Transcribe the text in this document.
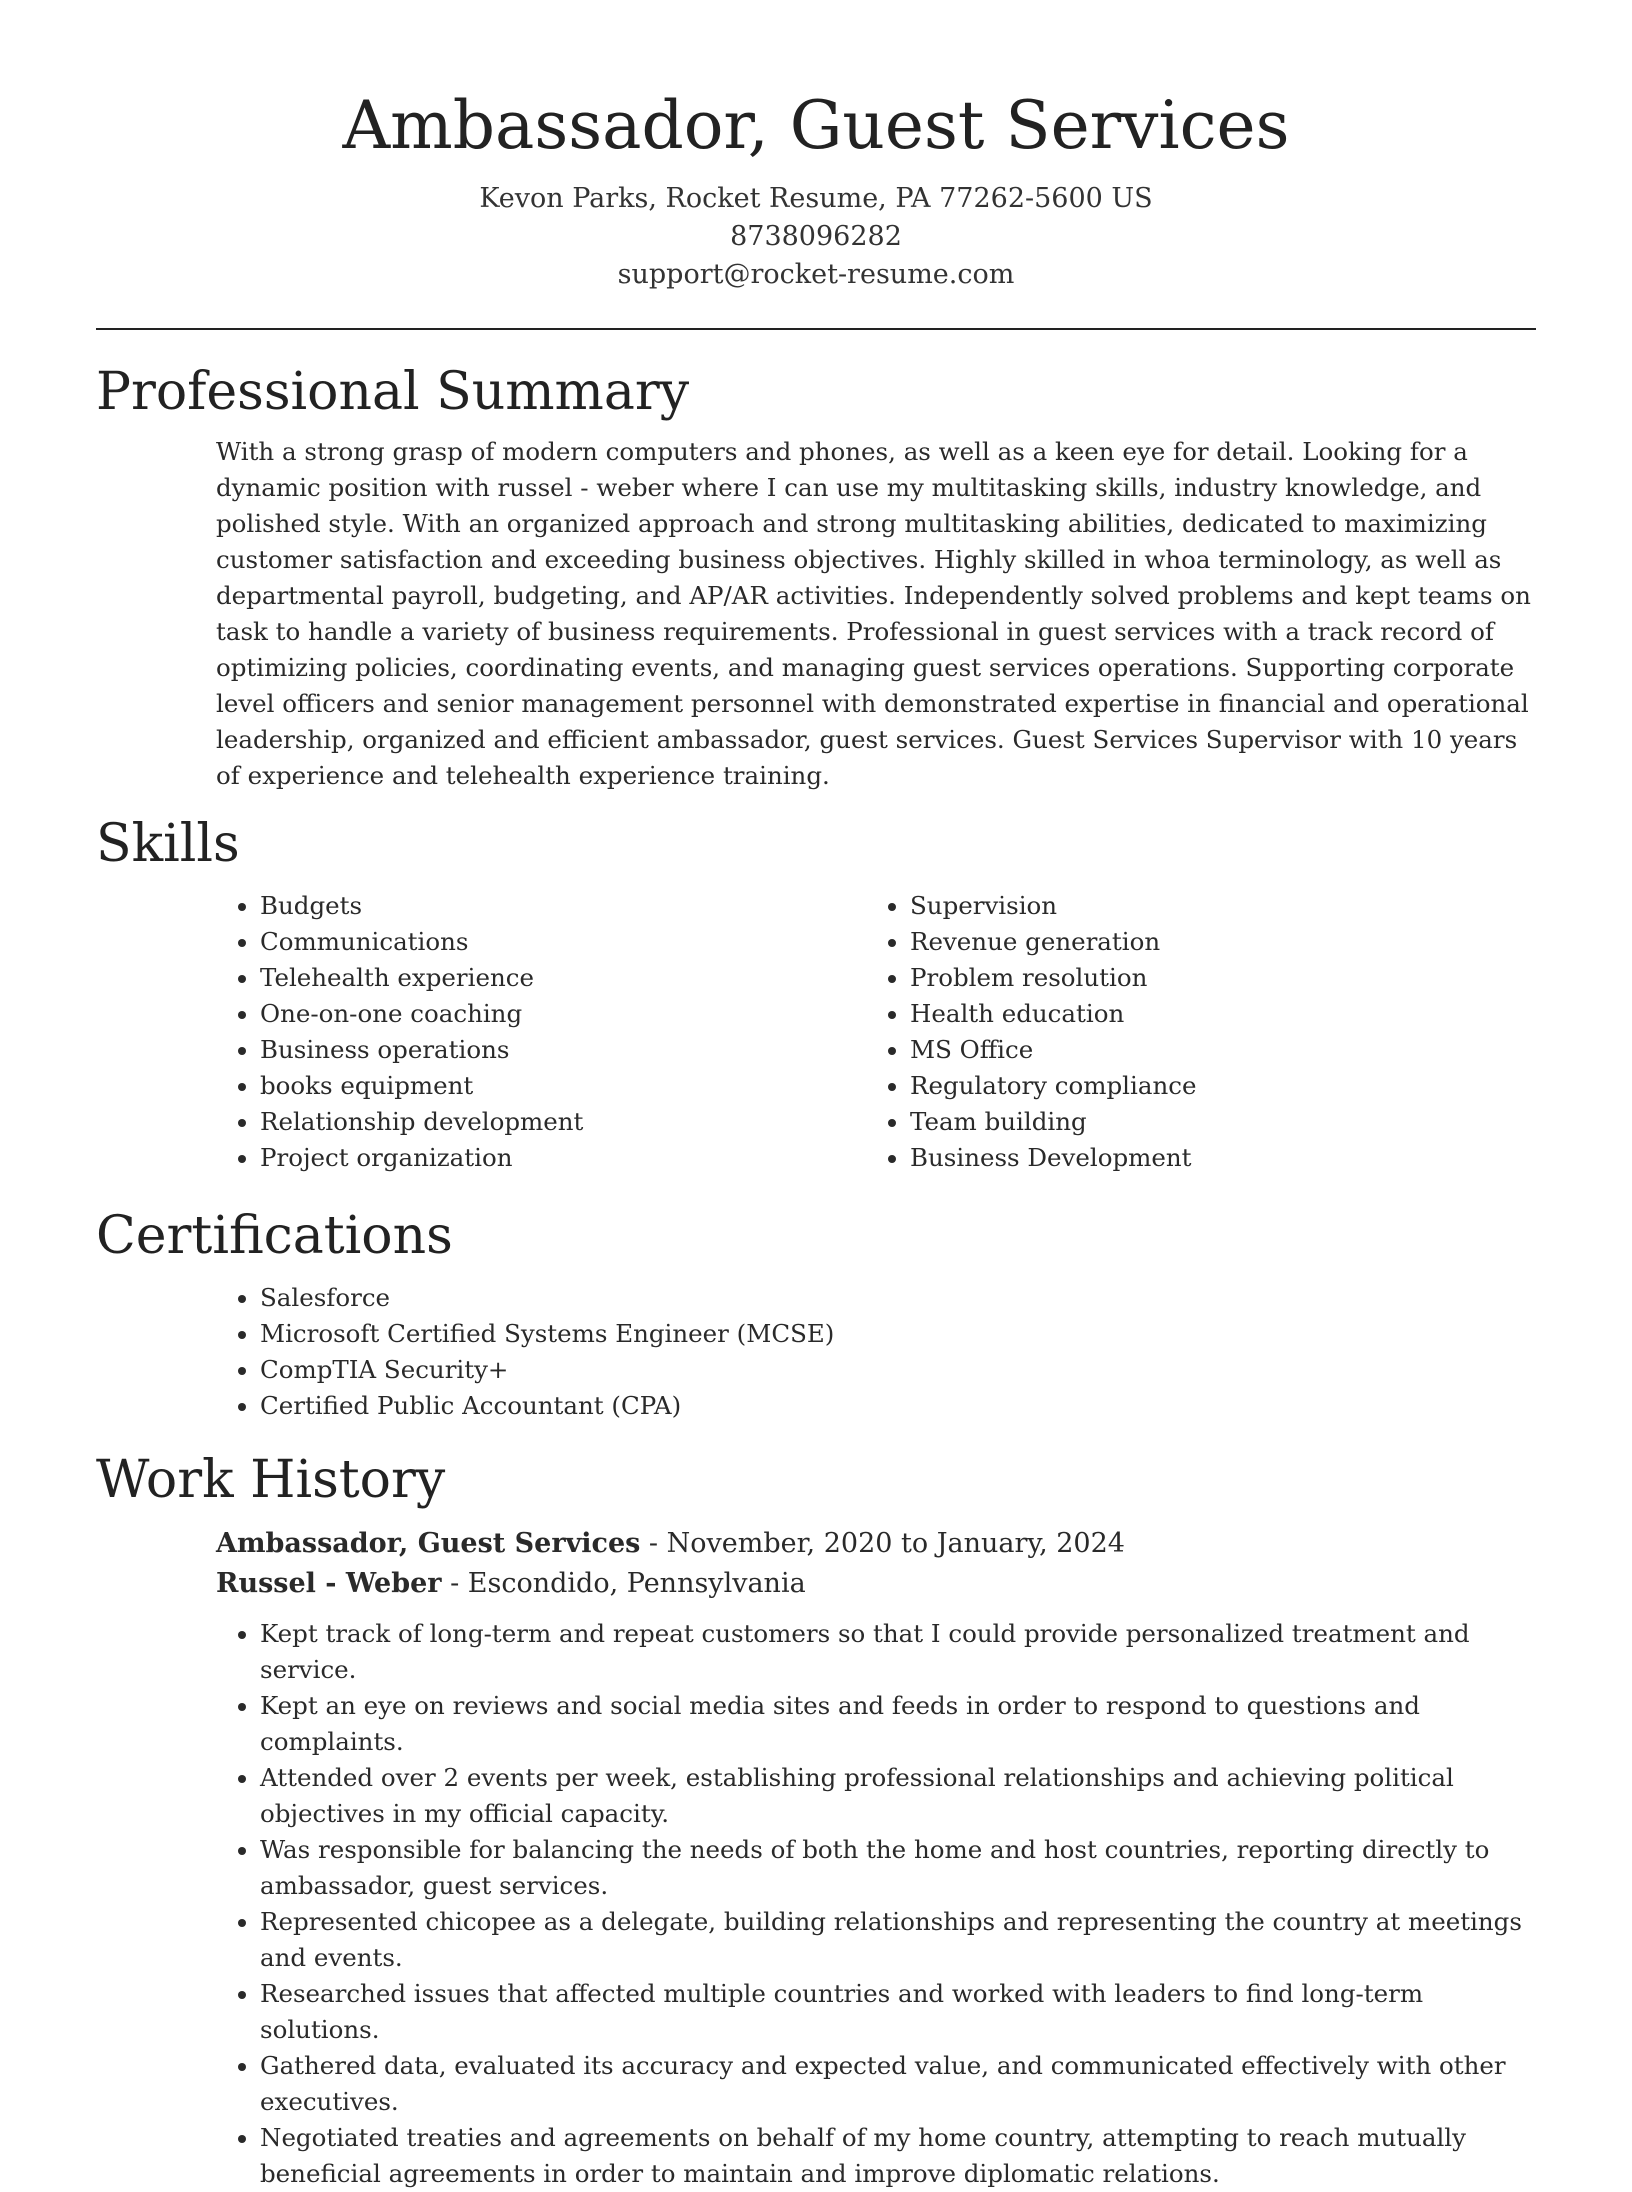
Ambassador, Guest Services
Kevon Parks, Rocket Resume, PA 77262-5600 US
8738096282
support@rocket-resume.com
Professional Summary

With a strong grasp of modern computers and phones, as well as a keen eye for detail. Looking for a dynamic position with russel - weber where I can use my multitasking skills, industry knowledge, and polished style. With an organized approach and strong multitasking abilities, dedicated to maximizing customer satisfaction and exceeding business objectives. Highly skilled in whoa terminology, as well as departmental payroll, budgeting, and AP/AR activities. Independently solved problems and kept teams on task to handle a variety of business requirements. Professional in guest services with a track record of optimizing policies, coordinating events, and managing guest services operations. Supporting corporate level officers and senior management personnel with demonstrated expertise in financial and operational leadership, organized and efficient ambassador, guest services. Guest Services Supervisor with 10 years of experience and telehealth experience training.

Skills
• Budgets
• Communications
• Telehealth experience
• One-on-one coaching
• Business operations
• books equipment
• Relationship development
• Project organization
• Supervision
• Revenue generation
• Problem resolution
• Health education
• MS Office
• Regulatory compliance
• Team building
• Business Development
Certifications
• Salesforce
• Microsoft Certified Systems Engineer (MCSE)
• CompTIA Security+
• Certified Public Accountant (CPA)
Work History
Ambassador, Guest Services - November, 2020 to January, 2024
Russel - Weber - Escondido, Pennsylvania
• Kept track of long-term and repeat customers so that I could provide personalized treatment and service.
• Kept an eye on reviews and social media sites and feeds in order to respond to questions and complaints.
• Attended over 2 events per week, establishing professional relationships and achieving political objectives in my official capacity.
• Was responsible for balancing the needs of both the home and host countries, reporting directly to ambassador, guest services.
• Represented chicopee as a delegate, building relationships and representing the country at meetings and events.
• Researched issues that affected multiple countries and worked with leaders to find long-term solutions.
• Gathered data, evaluated its accuracy and expected value, and communicated effectively with other executives.
• Negotiated treaties and agreements on behalf of my home country, attempting to reach mutually beneficial agreements in order to maintain and improve diplomatic relations.
